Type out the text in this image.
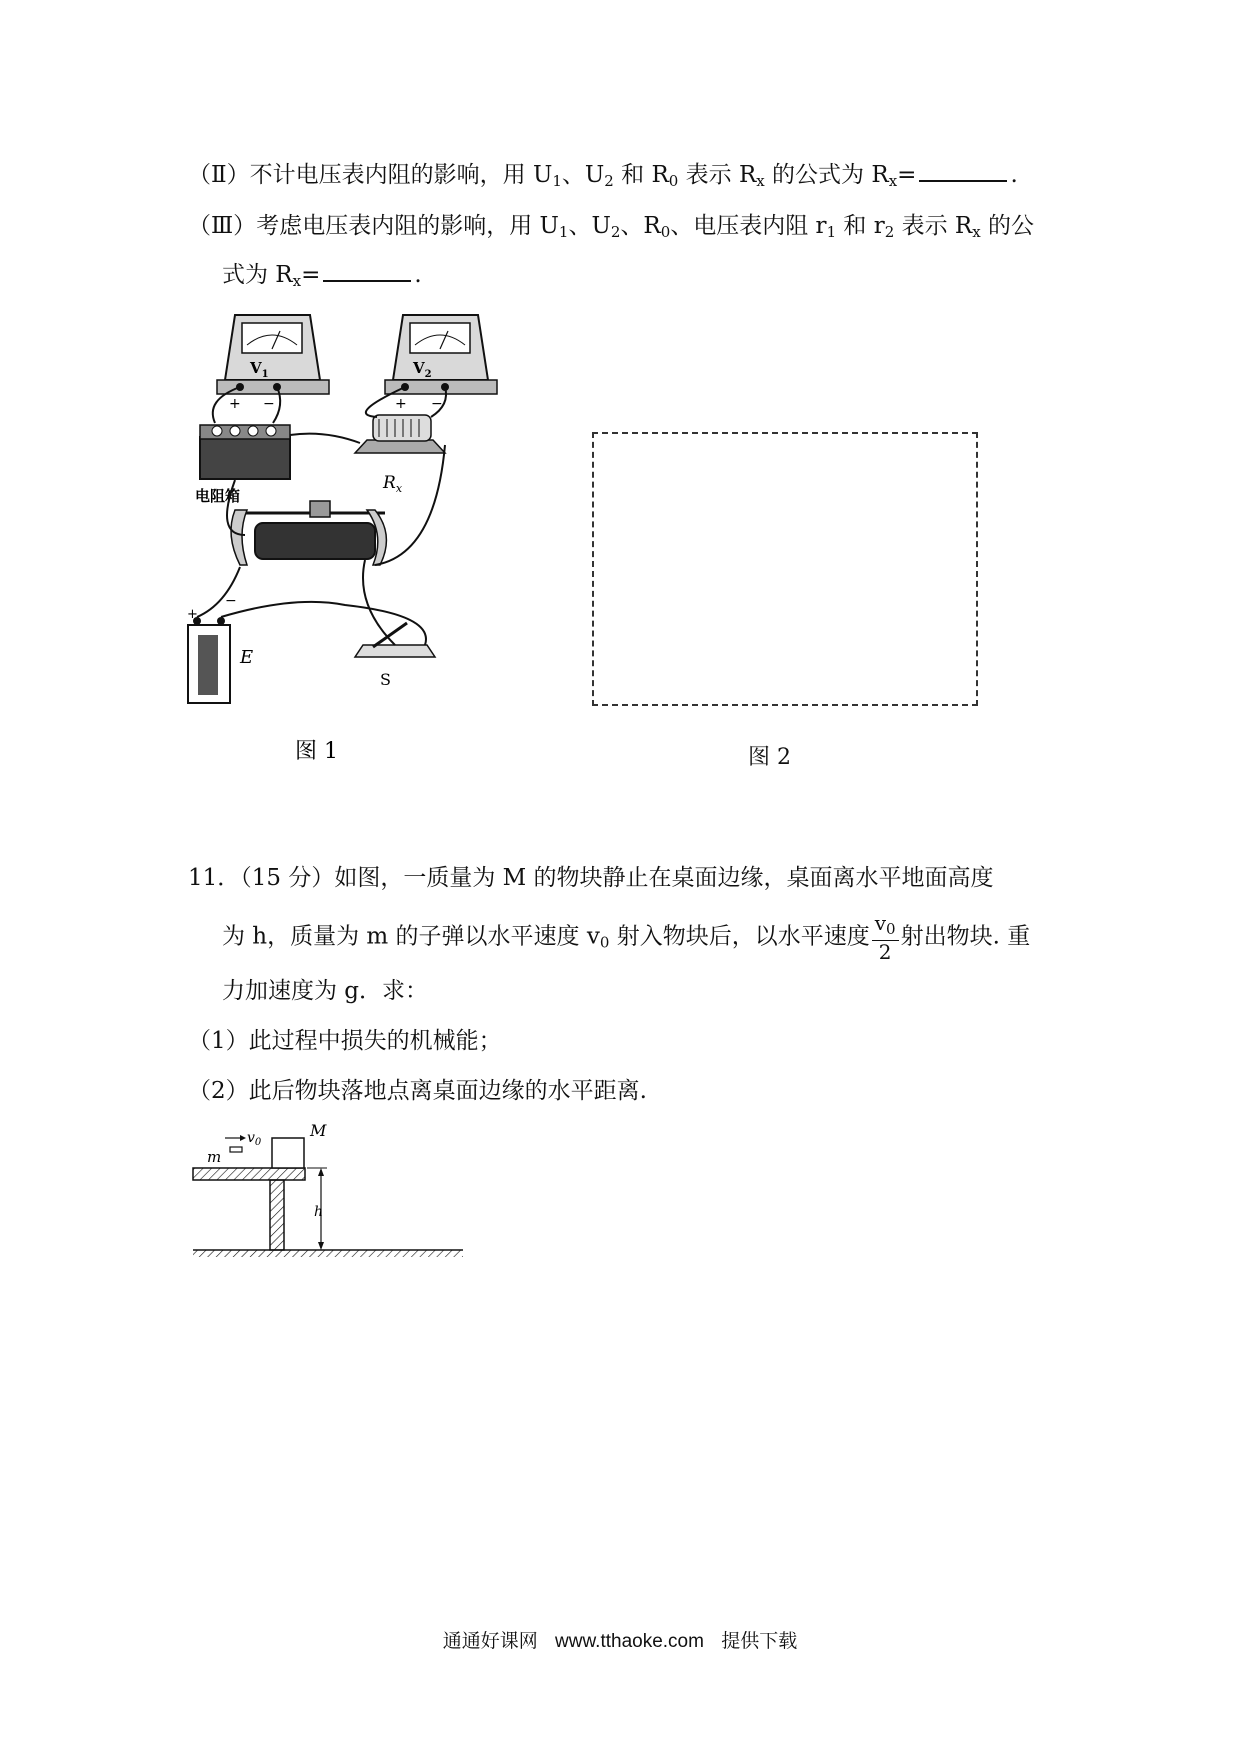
（Ⅱ）不计电压表内阻的影响，用 $U_1$、$U_2$ 和 $R_0$ 表示 $R_x$ 的公式为 $R_x=$	.
（Ⅲ）考虑电压表内阻的影响，用 $U_1$、$U_2$、$R_0$、电压表内阻 $r_1$ 和 $r_2$ 表示 $R_x$ 的公
式为 $R_x=$	.
$V_1$
+ −
$V_2$
+ −
电阻箱
$R_x$
+
−
E
S
图 1	图 2
11．（15 分）如图，一质量为 M 的物块静止在桌面边缘，桌面离水平地面高度
为 h，质量为 m 的子弹以水平速度 $v_0$ 射入物块后，以水平速度 $\frac{v_0}{2}$ 射出物块. 重
力加速度为 g．求：
（1）此过程中损失的机械能；
（2）此后物块落地点离桌面边缘的水平距离.
M
m
$v_0$
h
通通好课网 www.tthaoke.com 提供下载
